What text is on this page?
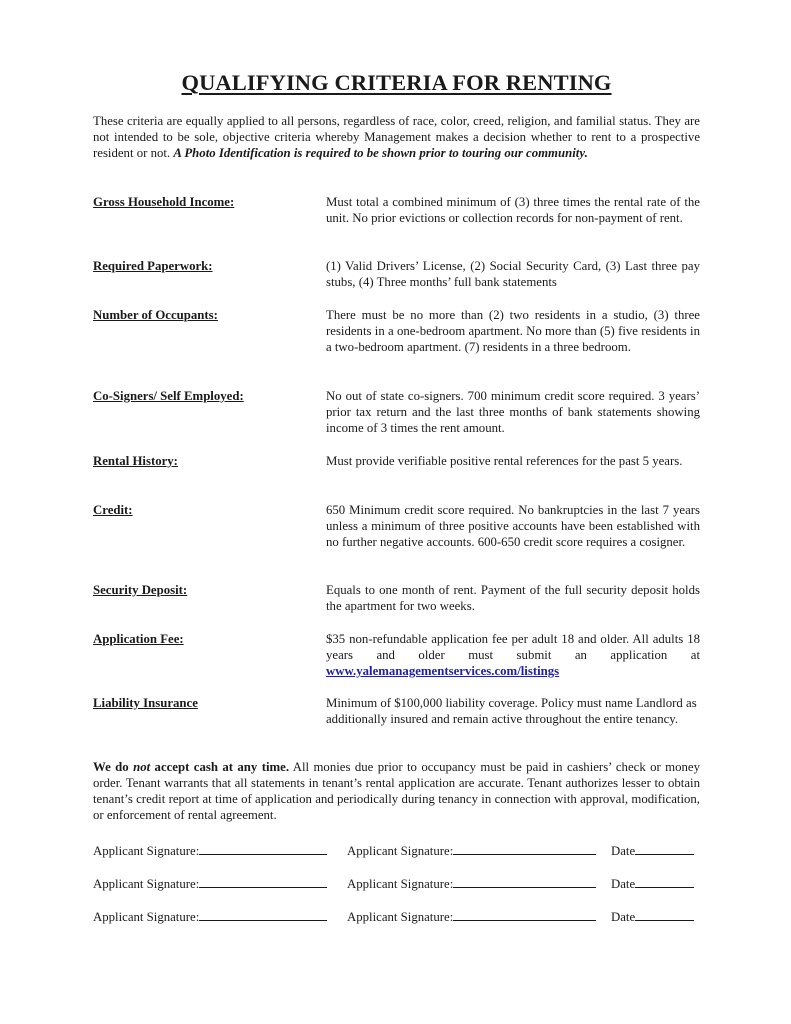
QUALIFYING CRITERIA FOR RENTING

These criteria are equally applied to all persons, regardless of race, color, creed, religion, and familial status. They are not intended to be sole, objective criteria whereby Management makes a decision whether to rent to a prospective resident or not. A Photo Identification is required to be shown prior to touring our community.

Gross Household Income:	Must total a combined minimum of (3) three times the rental rate of the unit. No prior evictions or collection records for non-payment of rent.

Required Paperwork:	(1) Valid Drivers’ License, (2) Social Security Card, (3) Last three pay stubs, (4) Three months’ full bank statements

Number of Occupants:	There must be no more than (2) two residents in a studio, (3) three residents in a one-bedroom apartment. No more than (5) five residents in a two-bedroom apartment. (7) residents in a three bedroom.

Co-Signers/ Self Employed:	No out of state co-signers. 700 minimum credit score required. 3 years’ prior tax return and the last three months of bank statements showing income of 3 times the rent amount.

Rental History:	Must provide verifiable positive rental references for the past 5 years.

Credit:	650 Minimum credit score required. No bankruptcies in the last 7 years unless a minimum of three positive accounts have been established with no further negative accounts. 600-650 credit score requires a cosigner.

Security Deposit:	Equals to one month of rent. Payment of the full security deposit holds the apartment for two weeks.

Application Fee:	$35 non-refundable application fee per adult 18 and older. All adults 18 years and older must submit an application at www.yalemanagementservices.com/listings

Liability Insurance	Minimum of $100,000 liability coverage. Policy must name Landlord as additionally insured and remain active throughout the entire tenancy.

We do not accept cash at any time. All monies due prior to occupancy must be paid in cashiers’ check or money order. Tenant warrants that all statements in tenant’s rental application are accurate. Tenant authorizes lesser to obtain tenant’s credit report at time of application and periodically during tenancy in connection with approval, modification, or enforcement of rental agreement.

Applicant Signature:	Applicant Signature:	Date
Applicant Signature:	Applicant Signature:	Date
Applicant Signature:	Applicant Signature:	Date
